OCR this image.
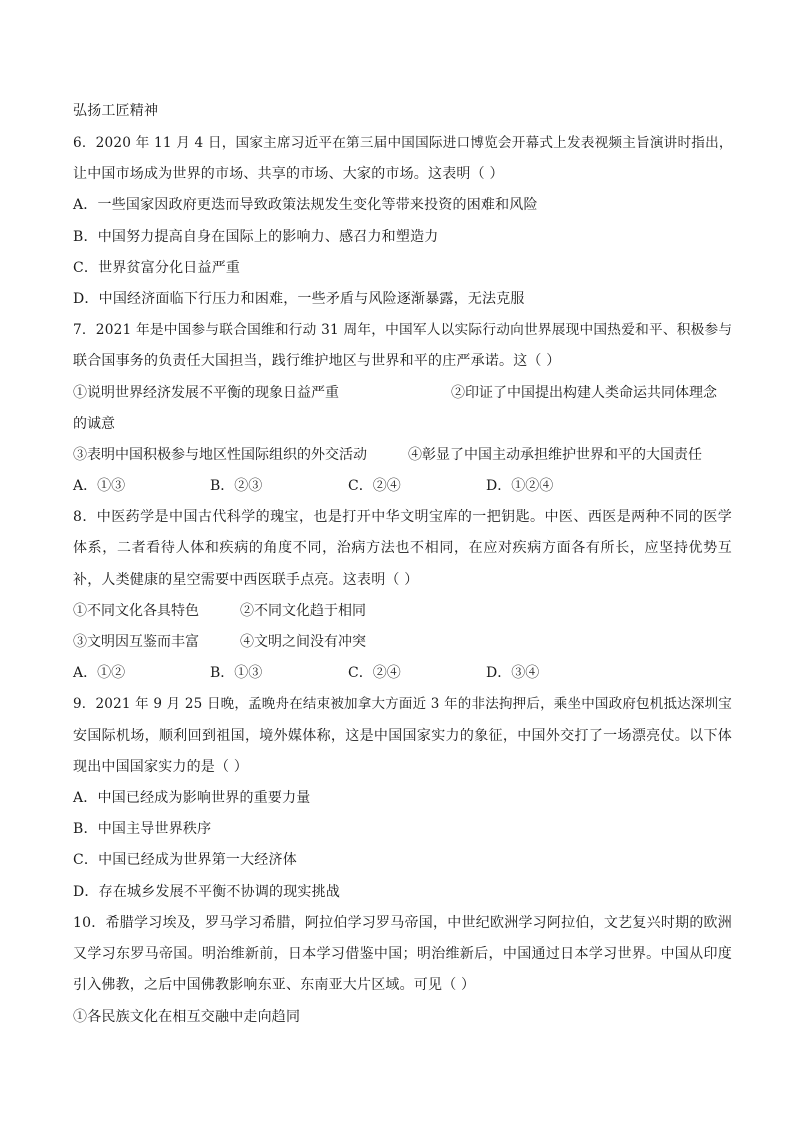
弘扬工匠精神
6．2020 年 11 月 4 日，国家主席习近平在第三届中国国际进口博览会开幕式上发表视频主旨演讲时指出，
让中国市场成为世界的市场、共享的市场、大家的市场。这表明（ ）
A．一些国家因政府更迭而导致政策法规发生变化等带来投资的困难和风险
B．中国努力提高自身在国际上的影响力、感召力和塑造力
C．世界贫富分化日益严重
D．中国经济面临下行压力和困难，一些矛盾与风险逐渐暴露，无法克服
7．2021 年是中国参与联合国维和行动 31 周年，中国军人以实际行动向世界展现中国热爱和平、积极参与
联合国事务的负责任大国担当，践行维护地区与世界和平的庄严承诺。这（ ）
①说明世界经济发展不平衡的现象日益严重	②印证了中国提出构建人类命运共同体理念
的诚意
③表明中国积极参与地区性国际组织的外交活动	④彰显了中国主动承担维护世界和平的大国责任
A．①③	B．②③	C．②④	D．①②④
8．中医药学是中国古代科学的瑰宝，也是打开中华文明宝库的一把钥匙。中医、西医是两种不同的医学
体系，二者看待人体和疾病的角度不同，治病方法也不相同，在应对疾病方面各有所长，应坚持优势互
补，人类健康的星空需要中西医联手点亮。这表明（ ）
①不同文化各具特色	②不同文化趋于相同
③文明因互鉴而丰富	④文明之间没有冲突
A．①②	B．①③	C．②④	D．③④
9．2021 年 9 月 25 日晚，孟晚舟在结束被加拿大方面近 3 年的非法拘押后，乘坐中国政府包机抵达深圳宝
安国际机场，顺利回到祖国，境外媒体称，这是中国国家实力的象征，中国外交打了一场漂亮仗。以下体
现出中国国家实力的是（ ）
A．中国已经成为影响世界的重要力量
B．中国主导世界秩序
C．中国已经成为世界第一大经济体
D．存在城乡发展不平衡不协调的现实挑战
10．希腊学习埃及，罗马学习希腊，阿拉伯学习罗马帝国，中世纪欧洲学习阿拉伯，文艺复兴时期的欧洲
又学习东罗马帝国。明治维新前，日本学习借鉴中国；明治维新后，中国通过日本学习世界。中国从印度
引入佛教，之后中国佛教影响东亚、东南亚大片区域。可见（ ）
①各民族文化在相互交融中走向趋同
